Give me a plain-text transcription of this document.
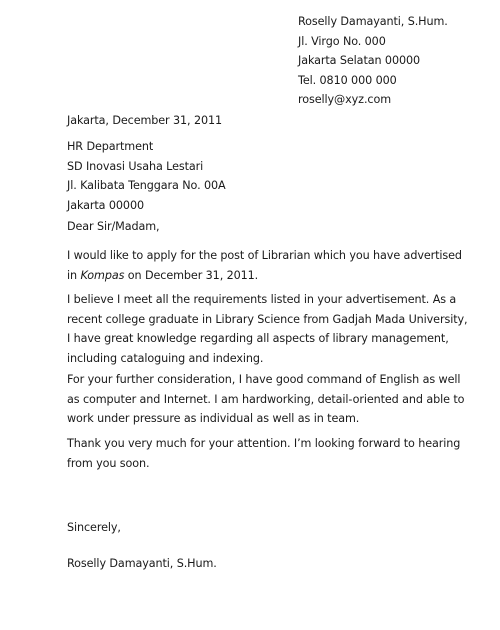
Roselly Damayanti, S.Hum.
Jl. Virgo No. 000
Jakarta Selatan 00000
Tel. 0810 000 000
roselly@xyz.com
Jakarta, December 31, 2011
HR Department
SD Inovasi Usaha Lestari
Jl. Kalibata Tenggara No. 00A
Jakarta 00000
Dear Sir/Madam,
I would like to apply for the post of Librarian which you have advertised
in Kompas on December 31, 2011.
I believe I meet all the requirements listed in your advertisement. As a
recent college graduate in Library Science from Gadjah Mada University,
I have great knowledge regarding all aspects of library management,
including cataloguing and indexing.
For your further consideration, I have good command of English as well
as computer and Internet. I am hardworking, detail-oriented and able to
work under pressure as individual as well as in team.
Thank you very much for your attention. I’m looking forward to hearing
from you soon.
Sincerely,
Roselly Damayanti, S.Hum.
